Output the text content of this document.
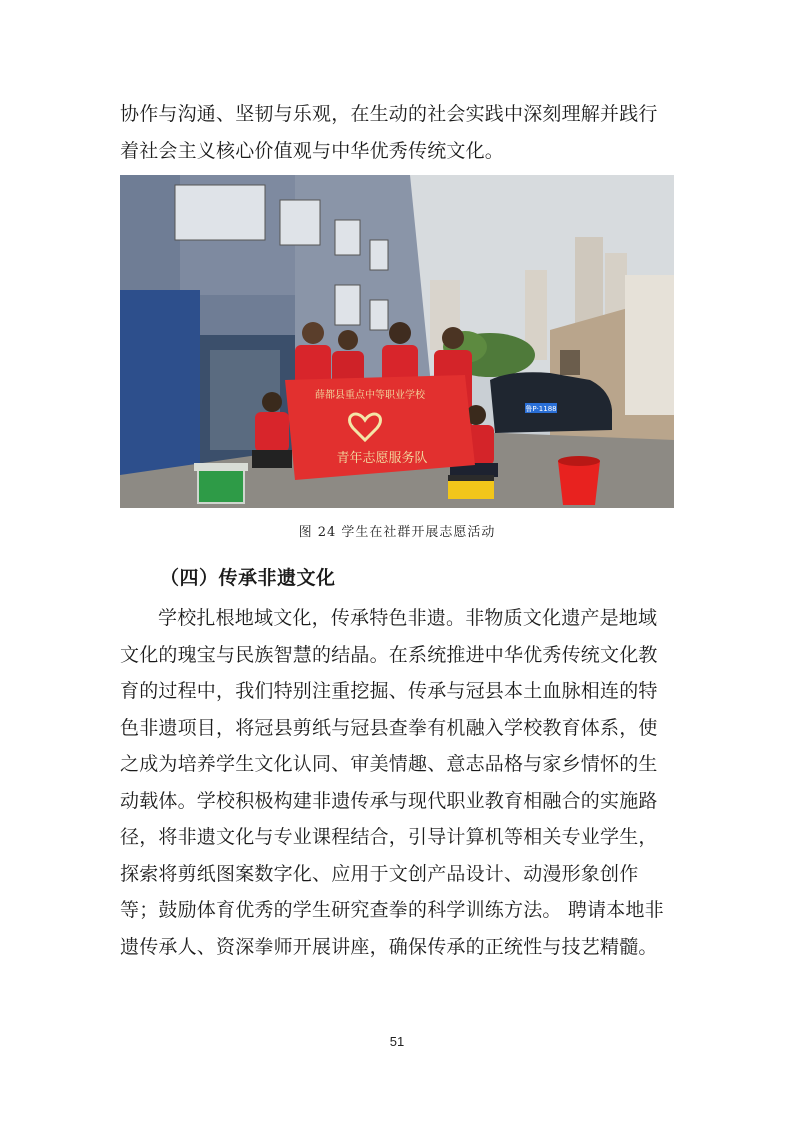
协作与沟通、坚韧与乐观，在生动的社会实践中深刻理解并践行着社会主义核心价值观与中华优秀传统文化。

鲁P·1188
薛都县重点中等职业学校
青年志愿服务队
图 24 学生在社群开展志愿活动
（四）传承非遗文化

学校扎根地域文化，传承特色非遗。非物质文化遗产是地域文化的瑰宝与民族智慧的结晶。在系统推进中华优秀传统文化教育的过程中，我们特别注重挖掘、传承与冠县本土血脉相连的特色非遗项目，将冠县剪纸与冠县查拳有机融入学校教育体系，使之成为培养学生文化认同、审美情趣、意志品格与家乡情怀的生动载体。学校积极构建非遗传承与现代职业教育相融合的实施路径，将非遗文化与专业课程结合，引导计算机等相关专业学生，探索将剪纸图案数字化、应用于文创产品设计、动漫形象创作等；鼓励体育优秀的学生研究查拳的科学训练方法。 聘请本地非遗传承人、资深拳师开展讲座，确保传承的正统性与技艺精髓。

51
